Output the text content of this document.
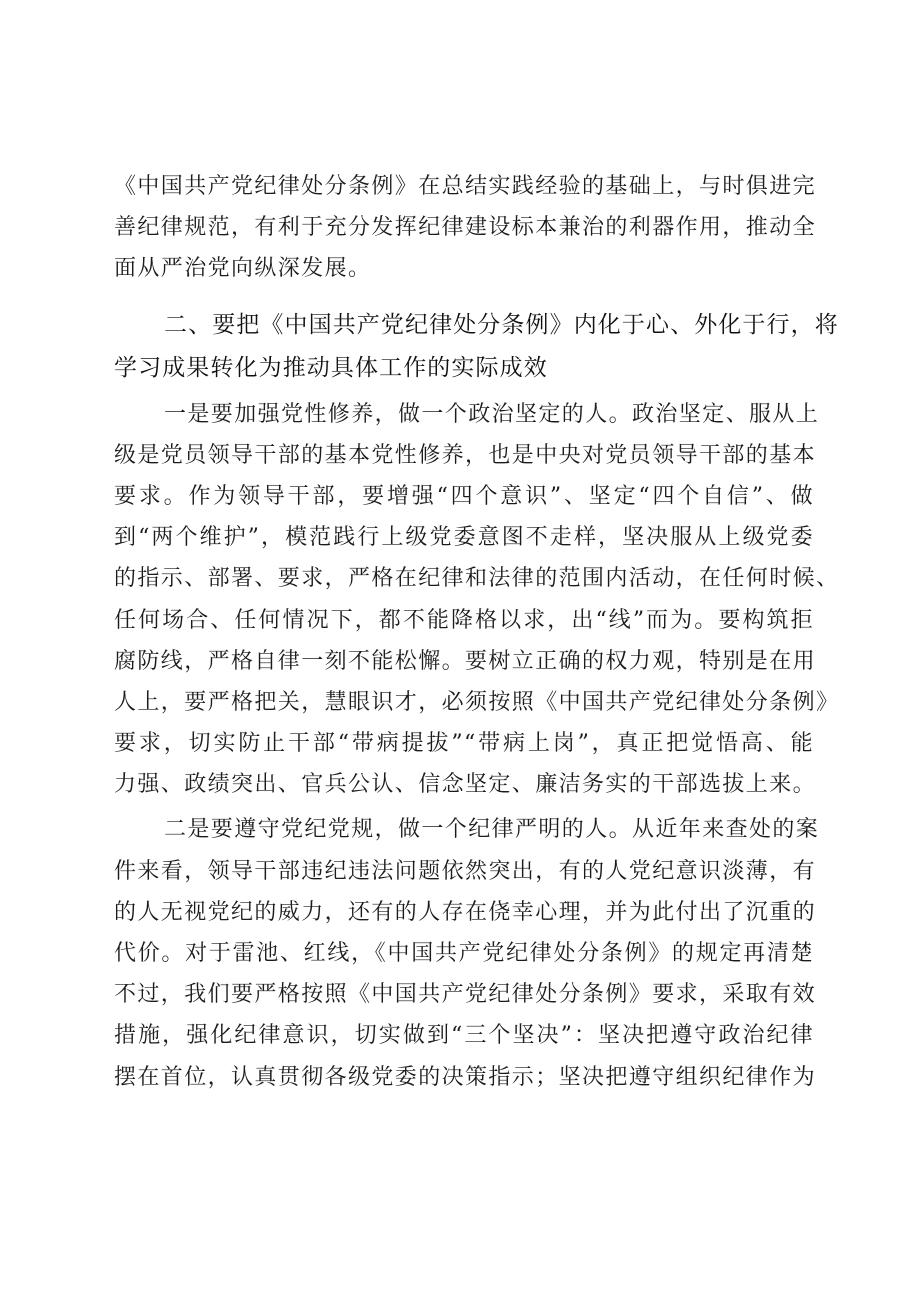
《中国共产党纪律处分条例》在总结实践经验的基础上，与时俱进完
善纪律规范，有利于充分发挥纪律建设标本兼治的利器作用，推动全
面从严治党向纵深发展。
二、要把《中国共产党纪律处分条例》内化于心、外化于行，将
学习成果转化为推动具体工作的实际成效
一是要加强党性修养，做一个政治坚定的人。政治坚定、服从上
级是党员领导干部的基本党性修养，也是中央对党员领导干部的基本
要求。作为领导干部，要增强“四个意识”、坚定“四个自信”、做
到“两个维护”，模范践行上级党委意图不走样，坚决服从上级党委
的指示、部署、要求，严格在纪律和法律的范围内活动，在任何时候、
任何场合、任何情况下，都不能降格以求，出“线”而为。要构筑拒
腐防线，严格自律一刻不能松懈。要树立正确的权力观，特别是在用
人上，要严格把关，慧眼识才，必须按照《中国共产党纪律处分条例》
要求，切实防止干部“带病提拔”“带病上岗”，真正把觉悟高、能
力强、政绩突出、官兵公认、信念坚定、廉洁务实的干部选拔上来。
二是要遵守党纪党规，做一个纪律严明的人。从近年来查处的案
件来看，领导干部违纪违法问题依然突出，有的人党纪意识淡薄，有
的人无视党纪的威力，还有的人存在侥幸心理，并为此付出了沉重的
代价。对于雷池、红线，《中国共产党纪律处分条例》的规定再清楚
不过，我们要严格按照《中国共产党纪律处分条例》要求，采取有效
措施，强化纪律意识，切实做到“三个坚决”：坚决把遵守政治纪律
摆在首位，认真贯彻各级党委的决策指示；坚决把遵守组织纪律作为
